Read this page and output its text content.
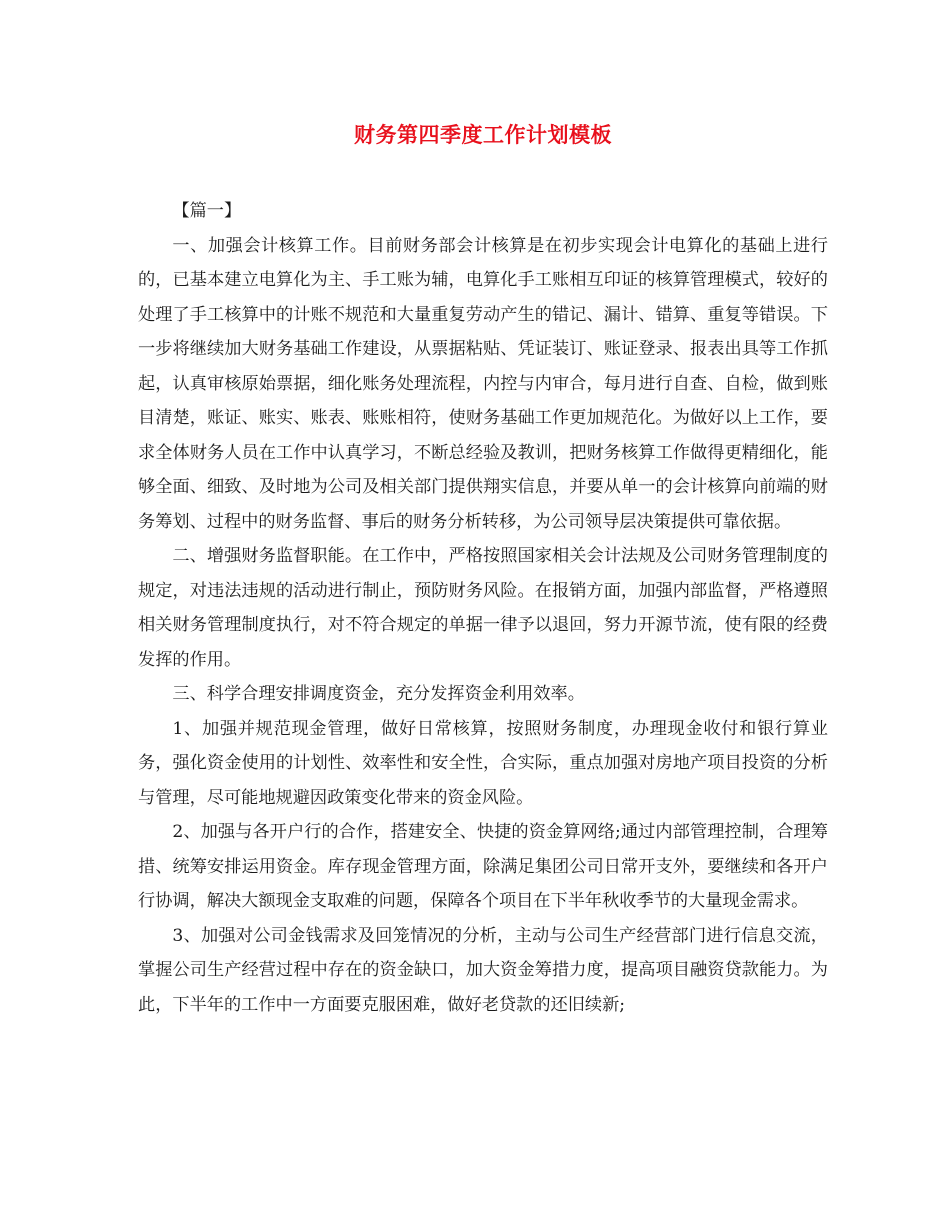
财务第四季度工作计划模板

【篇一】

一、加强会计核算工作。目前财务部会计核算是在初步实现会计电算化的基础上进行的，已基本建立电算化为主、手工账为辅，电算化手工账相互印证的核算管理模式，较好的处理了手工核算中的计账不规范和大量重复劳动产生的错记、漏计、错算、重复等错误。下一步将继续加大财务基础工作建设，从票据粘贴、凭证装订、账证登录、报表出具等工作抓起，认真审核原始票据，细化账务处理流程，内控与内审合，每月进行自查、自检，做到账目清楚，账证、账实、账表、账账相符，使财务基础工作更加规范化。为做好以上工作，要求全体财务人员在工作中认真学习，不断总经验及教训，把财务核算工作做得更精细化，能够全面、细致、及时地为公司及相关部门提供翔实信息，并要从单一的会计核算向前端的财务筹划、过程中的财务监督、事后的财务分析转移，为公司领导层决策提供可靠依据。

二、增强财务监督职能。在工作中，严格按照国家相关会计法规及公司财务管理制度的规定，对违法违规的活动进行制止，预防财务风险。在报销方面，加强内部监督，严格遵照相关财务管理制度执行，对不符合规定的单据一律予以退回，努力开源节流，使有限的经费发挥的作用。

三、科学合理安排调度资金，充分发挥资金利用效率。

1、加强并规范现金管理，做好日常核算，按照财务制度，办理现金收付和银行算业务，强化资金使用的计划性、效率性和安全性，合实际，重点加强对房地产项目投资的分析与管理，尽可能地规避因政策变化带来的资金风险。

2、加强与各开户行的合作，搭建安全、快捷的资金算网络;通过内部管理控制，合理筹措、统筹安排运用资金。库存现金管理方面，除满足集团公司日常开支外，要继续和各开户行协调，解决大额现金支取难的问题，保障各个项目在下半年秋收季节的大量现金需求。

3、加强对公司金钱需求及回笼情况的分析，主动与公司生产经营部门进行信息交流，掌握公司生产经营过程中存在的资金缺口，加大资金筹措力度，提高项目融资贷款能力。为此，下半年的工作中一方面要克服困难，做好老贷款的还旧续新;
